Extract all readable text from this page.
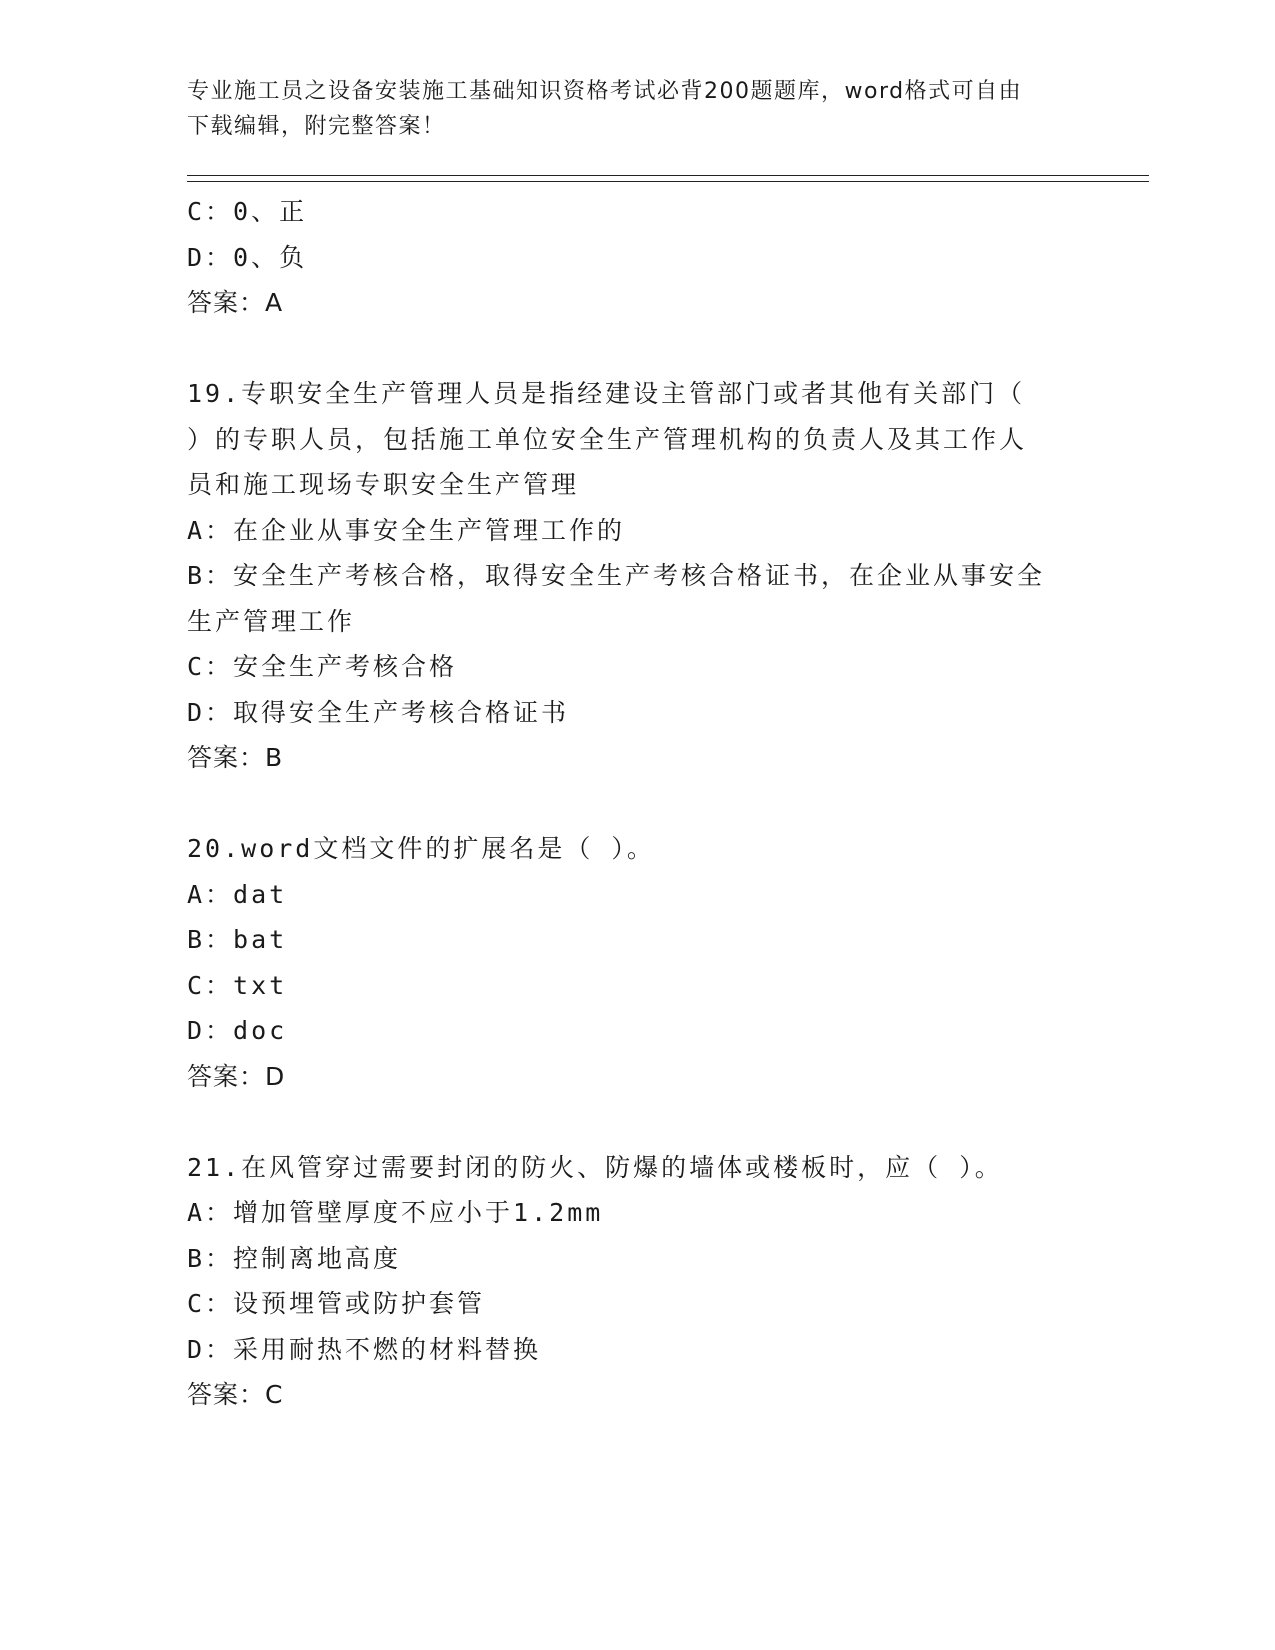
专业施工员之设备安装施工基础知识资格考试必背200题题库，word格式可自由
下载编辑，附完整答案！
C：0、正
D：0、负
答案：A
19.专职安全生产管理人员是指经建设主管部门或者其他有关部门（
）的专职人员，包括施工单位安全生产管理机构的负责人及其工作人
员和施工现场专职安全生产管理
A：在企业从事安全生产管理工作的
B：安全生产考核合格，取得安全生产考核合格证书，在企业从事安全
生产管理工作
C：安全生产考核合格
D：取得安全生产考核合格证书
答案：B
20.word文档文件的扩展名是（ ）。
A：dat
B：bat
C：txt
D：doc
答案：D
21.在风管穿过需要封闭的防火、防爆的墙体或楼板时，应（ ）。
A：增加管壁厚度不应小于1.2mm
B：控制离地高度
C：设预埋管或防护套管
D：采用耐热不燃的材料替换
答案：C
